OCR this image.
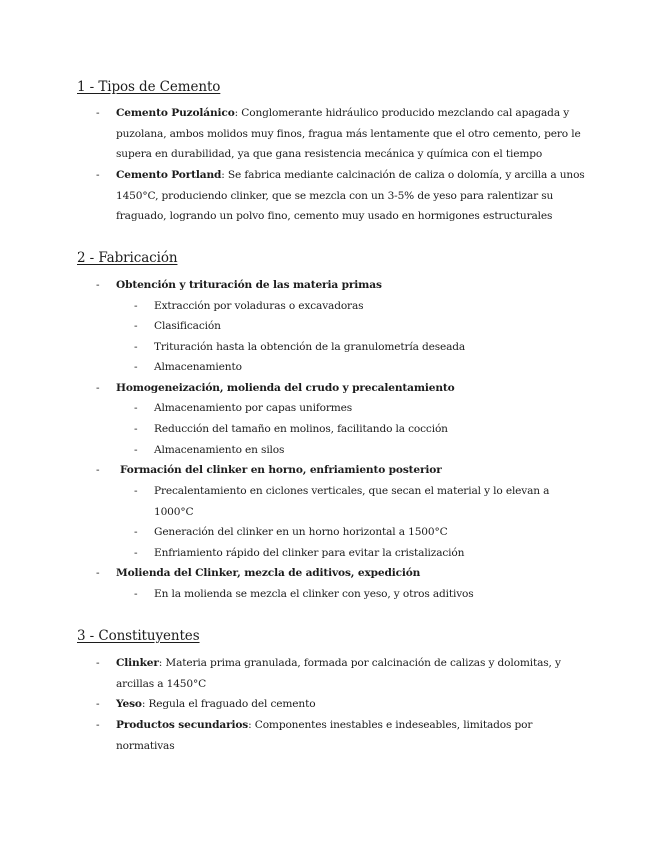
1 - Tipos de Cemento
- Cemento Puzolánico: Conglomerante hidráulico producido mezclando cal apagada y puzolana, ambos molidos muy finos, fragua más lentamente que el otro cemento, pero le supera en durabilidad, ya que gana resistencia mecánica y química con el tiempo
- Cemento Portland: Se fabrica mediante calcinación de caliza o dolomía, y arcilla a unos 1450°C, produciendo clinker, que se mezcla con un 3-5% de yeso para ralentizar su fraguado, logrando un polvo fino, cemento muy usado en hormigones estructurales
2 - Fabricación
- Obtención y trituración de las materia primas
- Extracción por voladuras o excavadoras
- Clasificación
- Trituración hasta la obtención de la granulometría deseada
- Almacenamiento
- Homogeneización, molienda del crudo y precalentamiento
- Almacenamiento por capas uniformes
- Reducción del tamaño en molinos, facilitando la cocción
- Almacenamiento en silos
- Formación del clinker en horno, enfriamiento posterior
- Precalentamiento en ciclones verticales, que secan el material y lo elevan a 1000°C
- Generación del clinker en un horno horizontal a 1500°C
- Enfriamiento rápido del clinker para evitar la cristalización
- Molienda del Clinker, mezcla de aditivos, expedición
- En la molienda se mezcla el clinker con yeso, y otros aditivos
3 - Constituyentes
- Clinker: Materia prima granulada, formada por calcinación de calizas y dolomitas, y arcillas a 1450°C
- Yeso: Regula el fraguado del cemento
- Productos secundarios: Componentes inestables e indeseables, limitados por normativas
